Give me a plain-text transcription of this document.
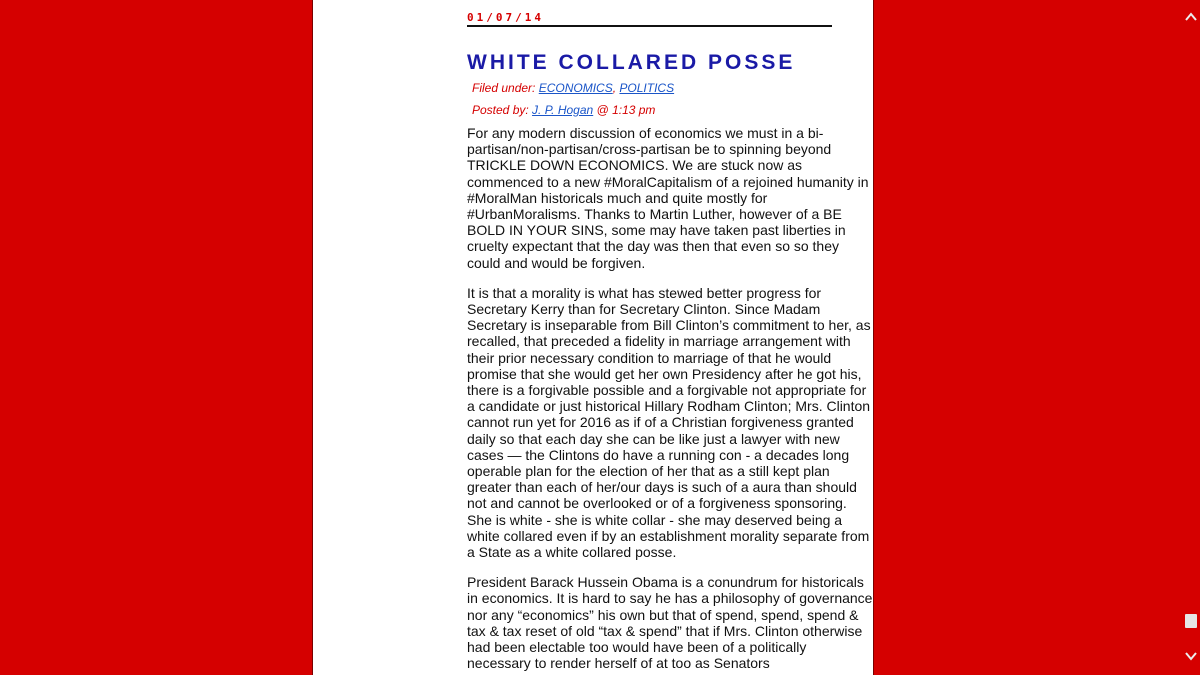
01/07/14
WHITE COLLARED POSSE
Filed under: ECONOMICS, POLITICS
Posted by: J. P. Hogan @ 1:13 pm

For any modern discussion of economics we must in a bi-partisan/non-partisan/cross-partisan be to spinning beyond TRICKLE DOWN ECONOMICS. We are stuck now as commenced to a new #MoralCapitalism of a rejoined humanity in #MoralMan historicals much and quite mostly for #UrbanMoralisms. Thanks to Martin Luther, however of a BE BOLD IN YOUR SINS, some may have taken past liberties in cruelty expectant that the day was then that even so so they could and would be forgiven.

It is that a morality is what has stewed better progress for Secretary Kerry than for Secretary Clinton. Since Madam Secretary is inseparable from Bill Clinton’s commitment to her, as recalled, that preceded a fidelity in marriage arrangement with their prior necessary condition to marriage of that he would promise that she would get her own Presidency after he got his, there is a forgivable possible and a forgivable not appropriate for a candidate or just historical Hillary Rodham Clinton; Mrs. Clinton cannot run yet for 2016 as if of a Christian forgiveness granted daily so that each day she can be like just a lawyer with new cases — the Clintons do have a running con - a decades long operable plan for the election of her that as a still kept plan greater than each of her/our days is such of a aura than should not and cannot be overlooked or of a forgiveness sponsoring. She is white - she is white collar - she may deserved being a white collared even if by an establishment morality separate from a State as a white collared posse.

President Barack Hussein Obama is a conundrum for historicals in economics. It is hard to say he has a philosophy of governance nor any “economics” his own but that of spend, spend, spend & tax & tax reset of old “tax & spend” that if Mrs. Clinton otherwise had been electable too would have been of a politically necessary to render herself of at too as Senators
